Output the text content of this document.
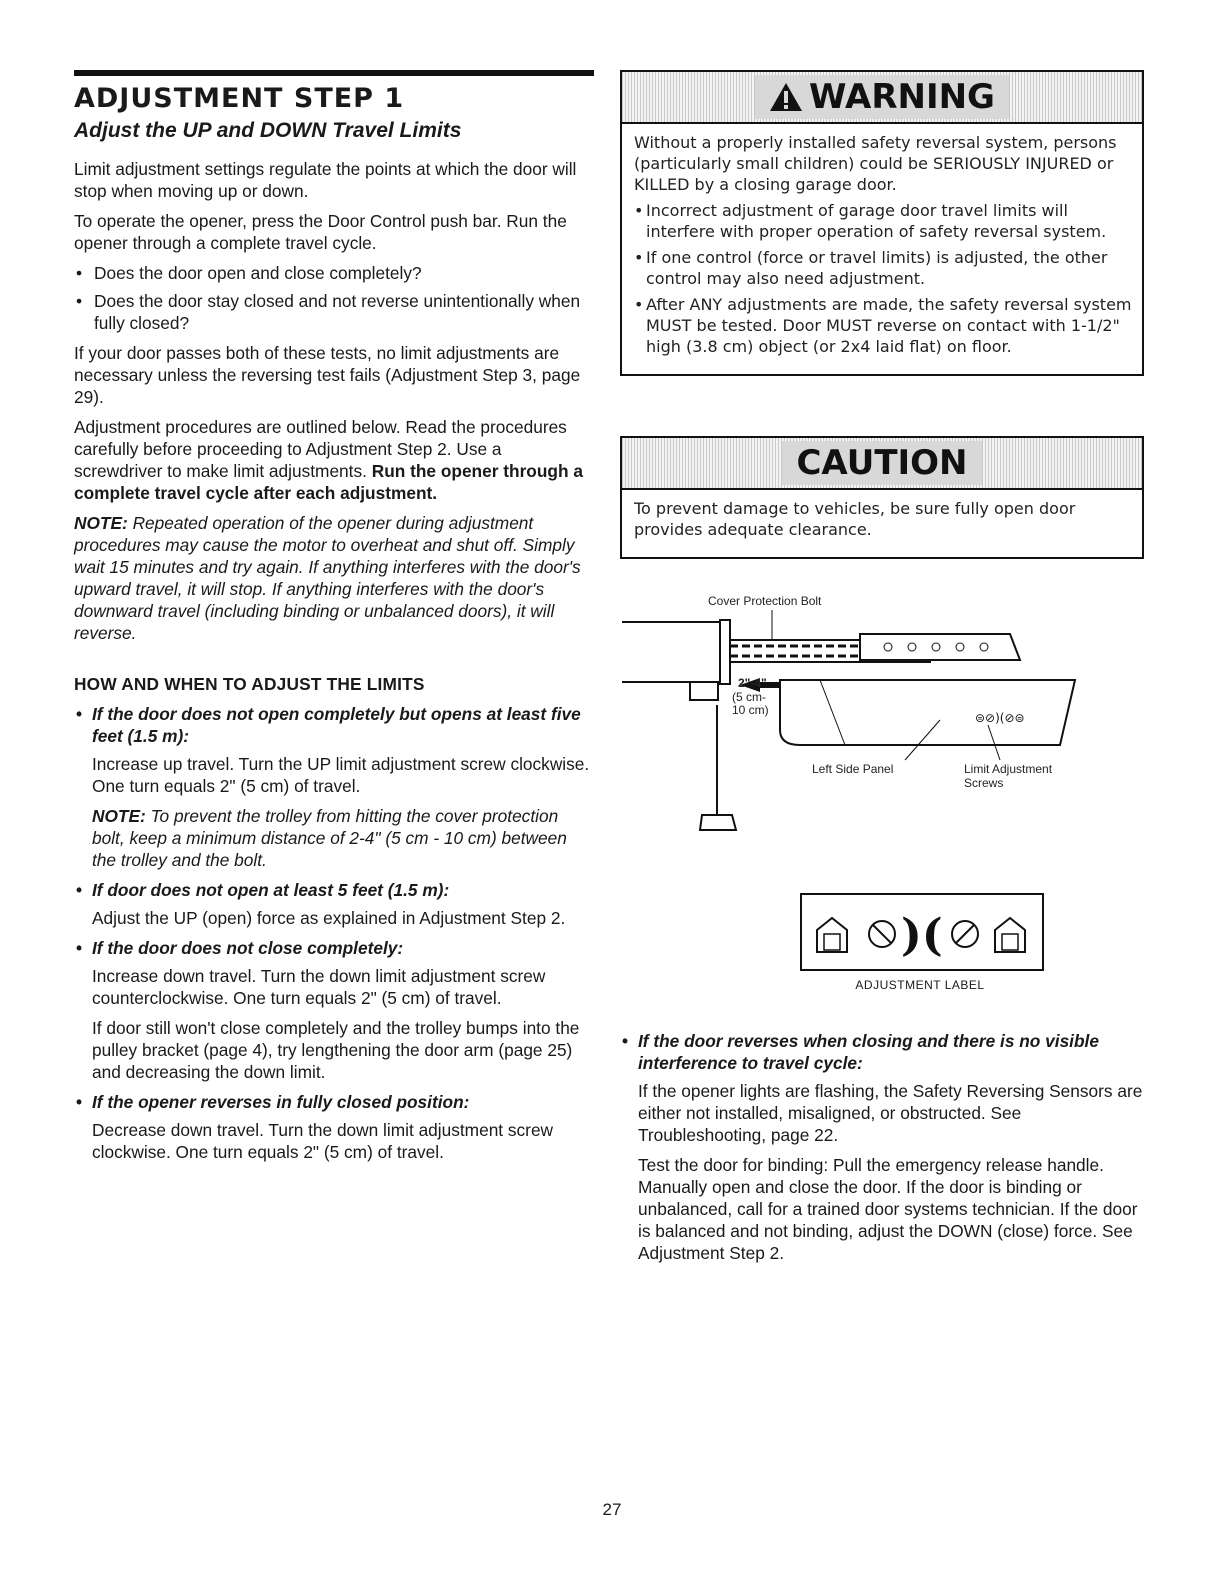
ADJUSTMENT STEP 1
Adjust the UP and DOWN Travel Limits

Limit adjustment settings regulate the points at which the door will stop when moving up or down.

To operate the opener, press the Door Control push bar. Run the opener through a complete travel cycle.

• Does the door open and close completely?
• Does the door stay closed and not reverse unintentionally when fully closed?

If your door passes both of these tests, no limit adjustments are necessary unless the reversing test fails (Adjustment Step 3, page 29).

Adjustment procedures are outlined below. Read the procedures carefully before proceeding to Adjustment Step 2. Use a screwdriver to make limit adjustments. Run the opener through a complete travel cycle after each adjustment.

NOTE: Repeated operation of the opener during adjustment procedures may cause the motor to overheat and shut off. Simply wait 15 minutes and try again. If anything interferes with the door's upward travel, it will stop. If anything interferes with the door's downward travel (including binding or unbalanced doors), it will reverse.

HOW AND WHEN TO ADJUST THE LIMITS
• If the door does not open completely but opens at least five feet (1.5 m):

Increase up travel. Turn the UP limit adjustment screw clockwise. One turn equals 2" (5 cm) of travel.

NOTE: To prevent the trolley from hitting the cover protection bolt, keep a minimum distance of 2-4" (5 cm - 10 cm) between the trolley and the bolt.

• If door does not open at least 5 feet (1.5 m):

Adjust the UP (open) force as explained in Adjustment Step 2.

• If the door does not close completely:

Increase down travel. Turn the down limit adjustment screw counterclockwise. One turn equals 2" (5 cm) of travel.

If door still won't close completely and the trolley bumps into the pulley bracket (page 4), try lengthening the door arm (page 25) and decreasing the down limit.

• If the opener reverses in fully closed position:

Decrease down travel. Turn the down limit adjustment screw clockwise. One turn equals 2" (5 cm) of travel.

WARNING

Without a properly installed safety reversal system, persons (particularly small children) could be SERIOUSLY INJURED or KILLED by a closing garage door.

• Incorrect adjustment of garage door travel limits will interfere with proper operation of safety reversal system.
• If one control (force or travel limits) is adjusted, the other control may also need adjustment.
• After ANY adjustments are made, the safety reversal system MUST be tested. Door MUST reverse on contact with 1-1/2" high (3.8 cm) object (or 2x4 laid flat) on floor.
CAUTION

To prevent damage to vehicles, be sure fully open door provides adequate clearance.

⊜⊘)(⊘⊜
Cover Protection Bolt
2"-4"
(5 cm-
10 cm)
Left Side Panel	Limit Adjustment
Screws
)(
ADJUSTMENT LABEL
• If the door reverses when closing and there is no visible interference to travel cycle:

If the opener lights are flashing, the Safety Reversing Sensors are either not installed, misaligned, or obstructed. See Troubleshooting, page 22.

Test the door for binding: Pull the emergency release handle. Manually open and close the door. If the door is binding or unbalanced, call for a trained door systems technician. If the door is balanced and not binding, adjust the DOWN (close) force. See Adjustment Step 2.

27
